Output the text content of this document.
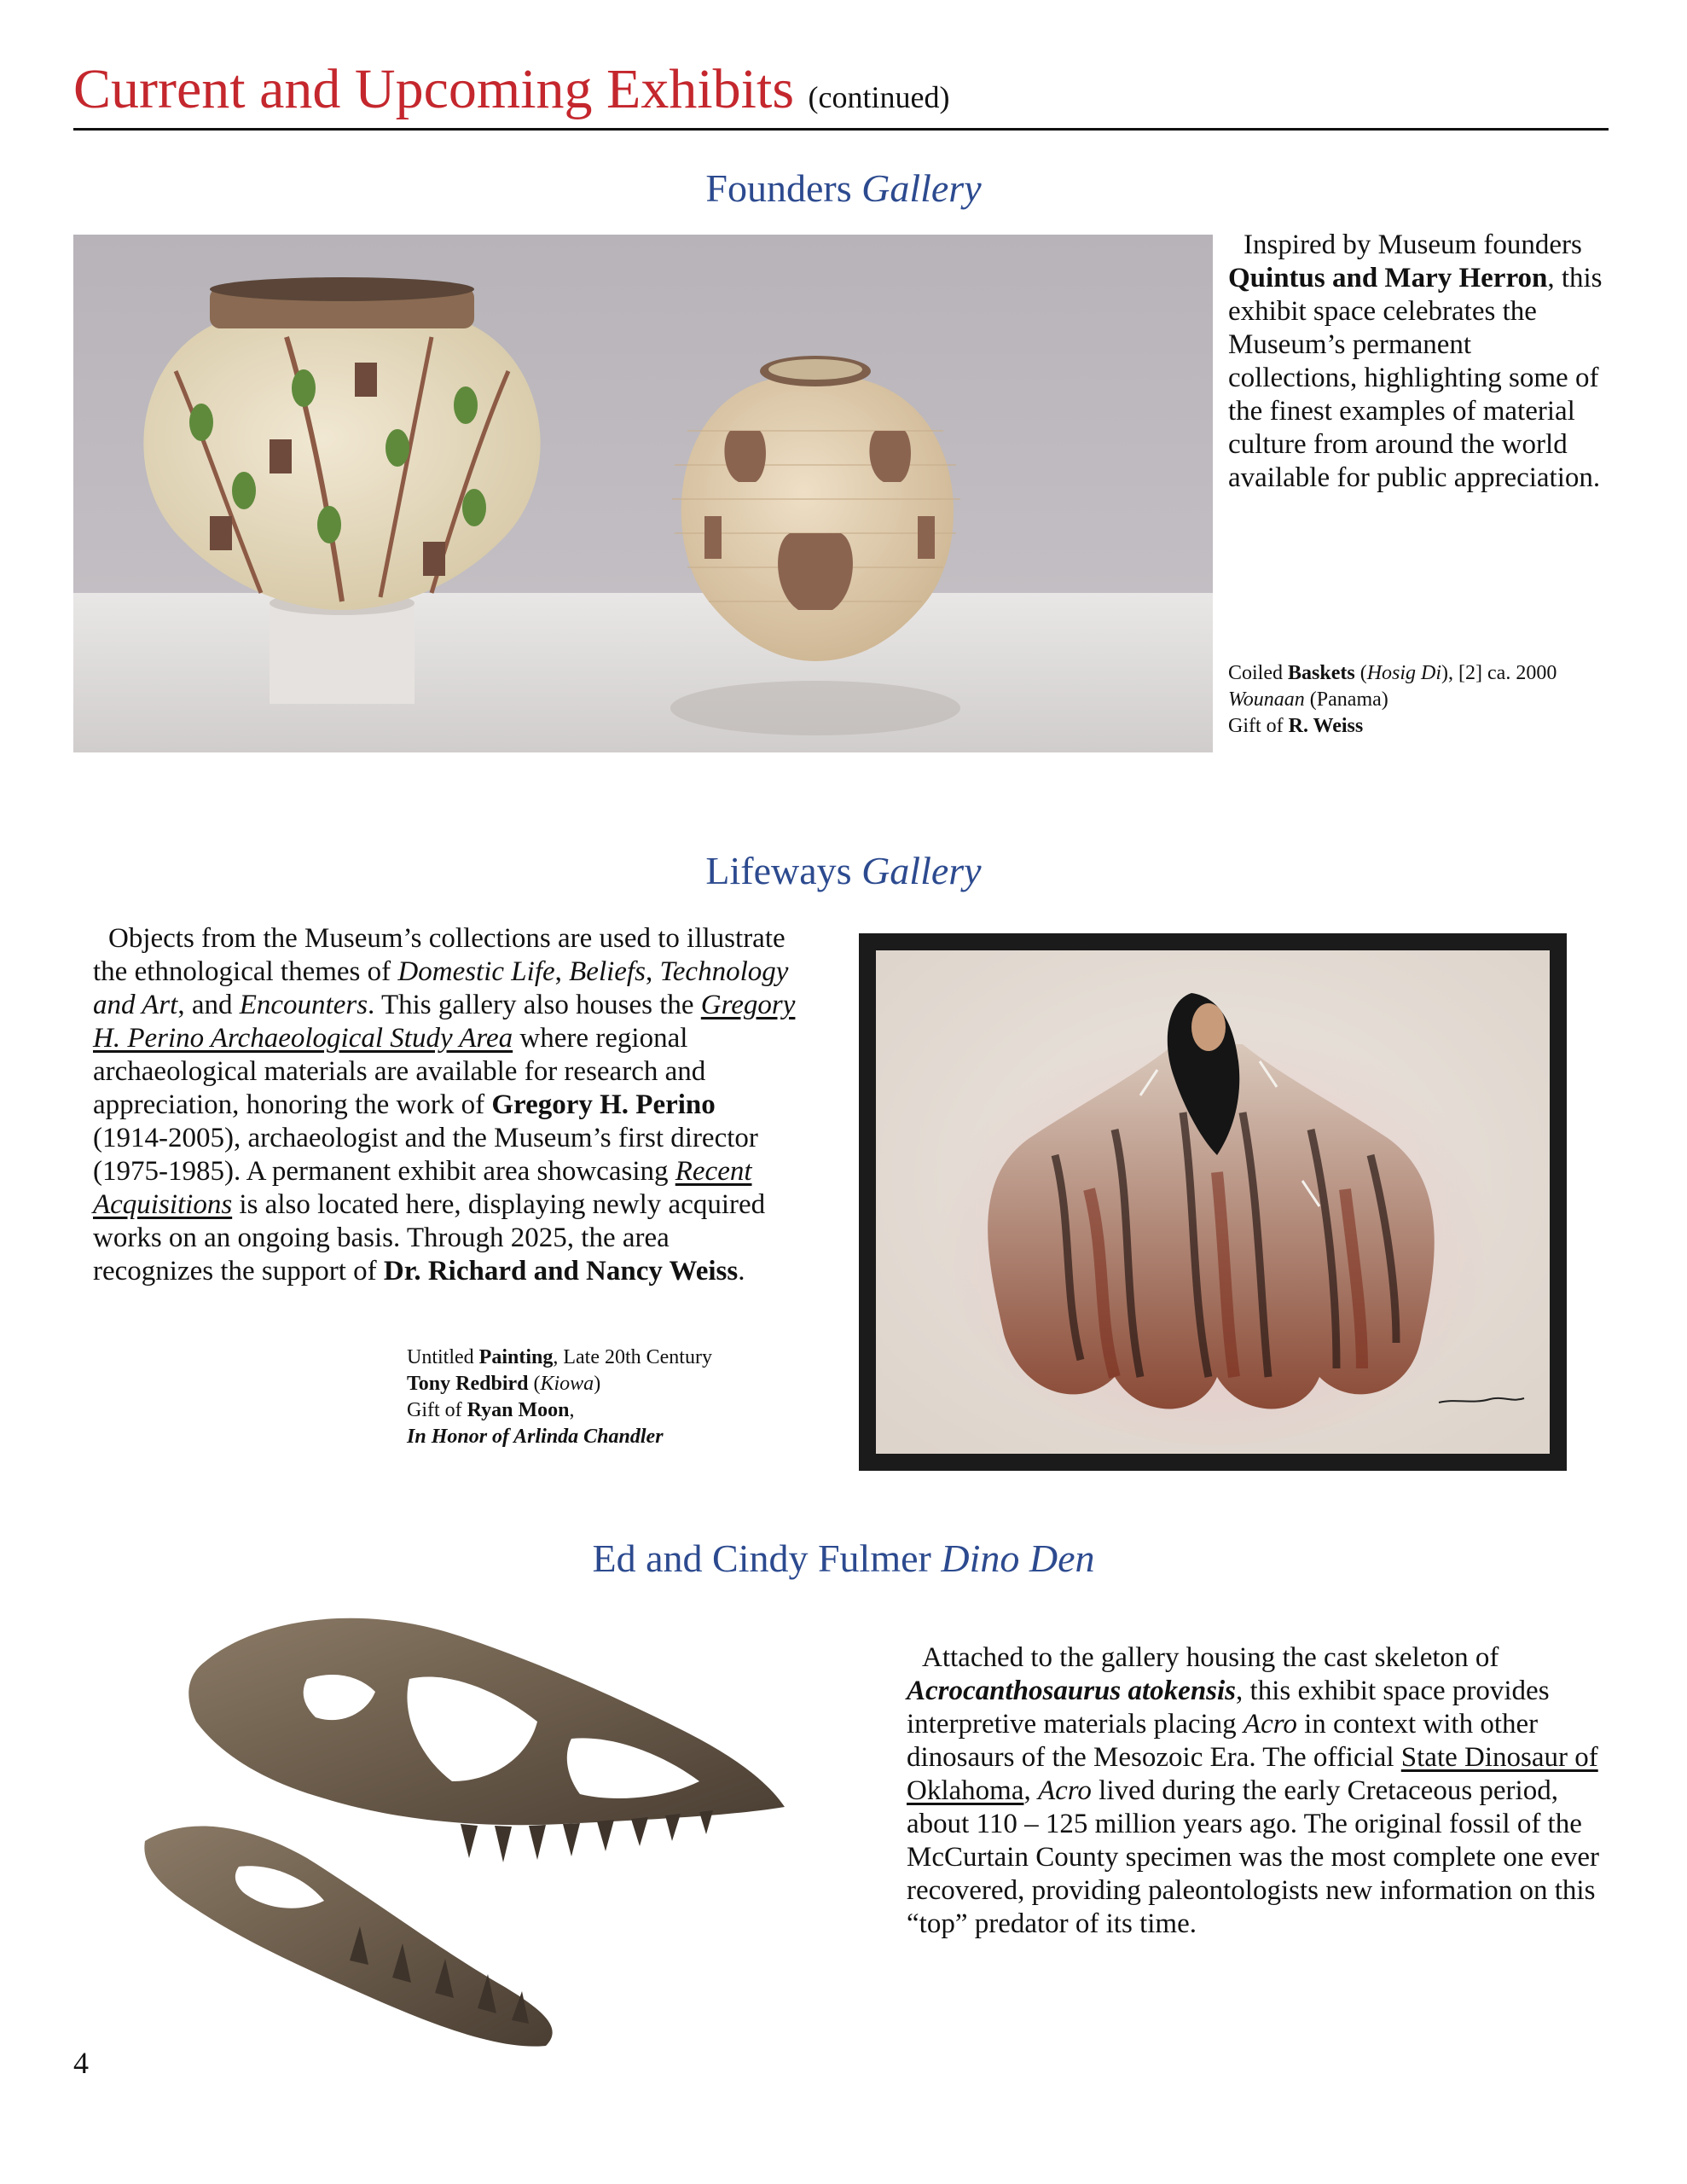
Current and Upcoming Exhibits (continued)
Founders Gallery
Inspired by Museum founders Quintus and Mary Herron, this exhibit space celebrates the Museum’s permanent collections, highlighting some of the finest examples of material culture from around the world available for public appreciation.
Coiled Baskets (Hosig Di), [2] ca. 2000
Wounaan (Panama)
Gift of R. Weiss
Lifeways Gallery
Objects from the Museum’s collections are used to illustrate the ethnological themes of Domestic Life, Beliefs, Technology and Art, and Encounters. This gallery also houses the Gregory H. Perino Archaeological Study Area where regional archaeological materials are available for research and appreciation, honoring the work of Gregory H. Perino (1914-2005), archaeologist and the Museum’s first director (1975-1985). A permanent exhibit area showcasing Recent Acquisitions is also located here, displaying newly acquired works on an ongoing basis. Through 2025, the area recognizes the support of Dr. Richard and Nancy Weiss.
Untitled Painting, Late 20th Century
Tony Redbird (Kiowa)
Gift of Ryan Moon,
In Honor of Arlinda Chandler
Ed and Cindy Fulmer Dino Den
Attached to the gallery housing the cast skeleton of Acrocanthosaurus atokensis, this exhibit space provides interpretive materials placing Acro in context with other dinosaurs of the Mesozoic Era. The official State Dinosaur of Oklahoma, Acro lived during the early Cretaceous period, about 110 – 125 million years ago. The original fossil of the McCurtain County specimen was the most complete one ever recovered, providing paleontologists new information on this “top” predator of its time.
4
